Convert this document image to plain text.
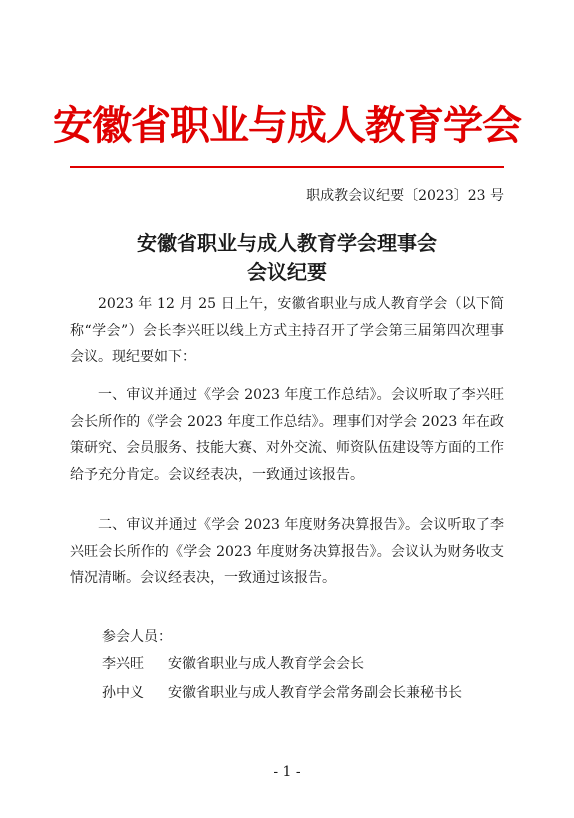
安徽省职业与成人教育学会
职成教会议纪要〔2023〕23 号
安徽省职业与成人教育学会理事会
会议纪要
2023 年 12 月 25 日上午，安徽省职业与成人教育学会（以下简称“学会”）会长李兴旺以线上方式主持召开了学会第三届第四次理事会议。现纪要如下：
一、审议并通过《学会 2023 年度工作总结》。会议听取了李兴旺会长所作的《学会 2023 年度工作总结》。理事们对学会 2023 年在政策研究、会员服务、技能大赛、对外交流、师资队伍建设等方面的工作给予充分肯定。会议经表决，一致通过该报告。
二、审议并通过《学会 2023 年度财务决算报告》。会议听取了李兴旺会长所作的《学会 2023 年度财务决算报告》。会议认为财务收支情况清晰。会议经表决，一致通过该报告。
参会人员：
李兴旺 安徽省职业与成人教育学会会长
孙中义 安徽省职业与成人教育学会常务副会长兼秘书长
- 1 -
